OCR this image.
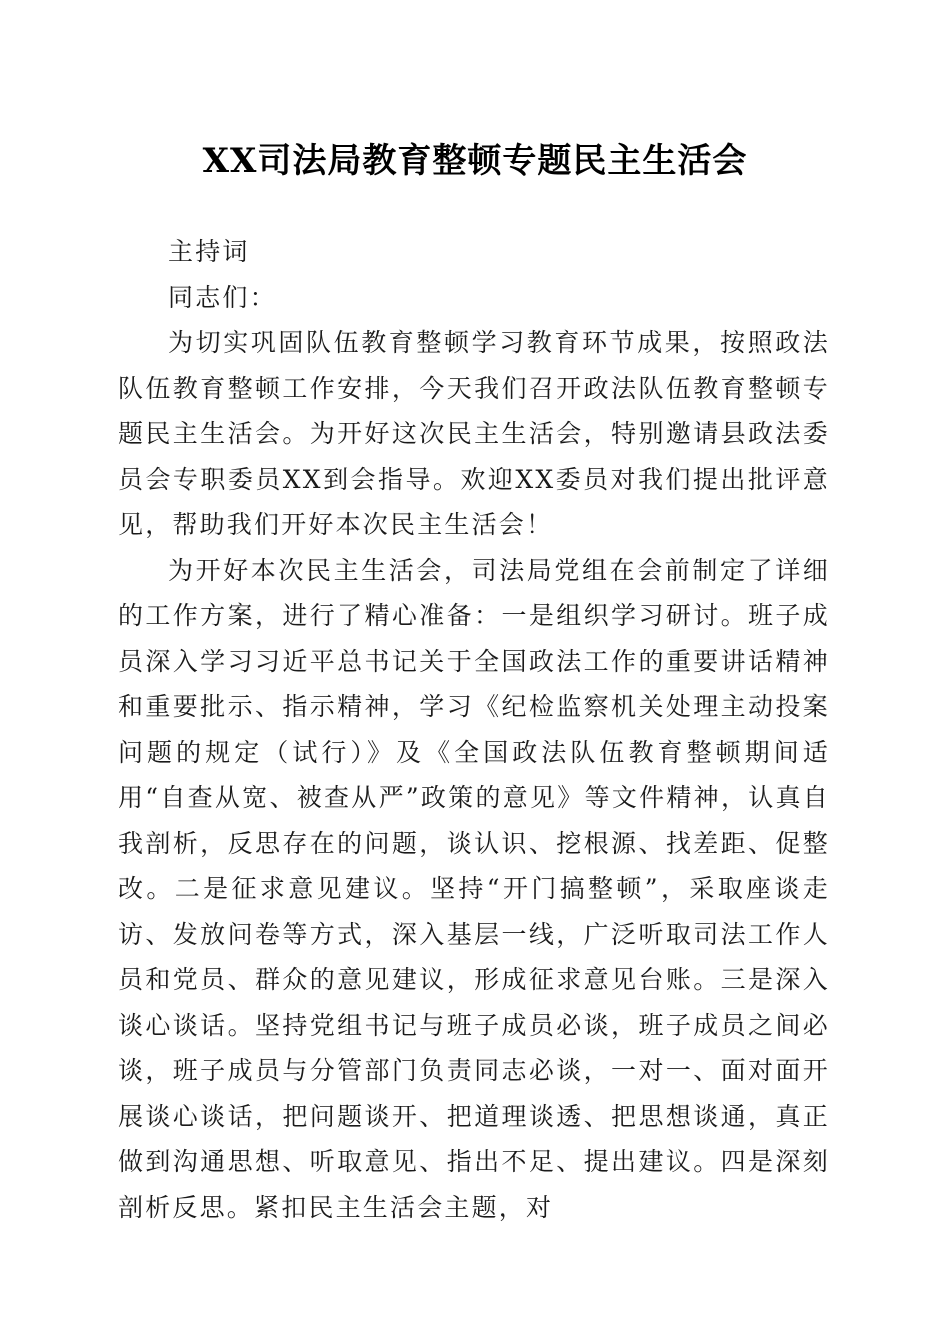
XX司法局教育整顿专题民主生活会

主持词

同志们：

为切实巩固队伍教育整顿学习教育环节成果，按照政法队伍教育整顿工作安排，今天我们召开政法队伍教育整顿专题民主生活会。为开好这次民主生活会，特别邀请县政法委员会专职委员XX到会指导。欢迎XX委员对我们提出批评意见，帮助我们开好本次民主生活会！

为开好本次民主生活会，司法局党组在会前制定了详细的工作方案，进行了精心准备：一是组织学习研讨。班子成员深入学习习近平总书记关于全国政法工作的重要讲话精神和重要批示、指示精神，学习《纪检监察机关处理主动投案问题的规定（试行）》及《全国政法队伍教育整顿期间适用“自查从宽、被查从严”政策的意见》等文件精神，认真自我剖析，反思存在的问题，谈认识、挖根源、找差距、促整改。二是征求意见建议。坚持“开门搞整顿”，采取座谈走访、发放问卷等方式，深入基层一线，广泛听取司法工作人员和党员、群众的意见建议，形成征求意见台账。三是深入谈心谈话。坚持党组书记与班子成员必谈，班子成员之间必谈，班子成员与分管部门负责同志必谈，一对一、面对面开展谈心谈话，把问题谈开、把道理谈透、把思想谈通，真正做到沟通思想、听取意见、指出不足、提出建议。四是深刻剖析反思。紧扣民主生活会主题，对
